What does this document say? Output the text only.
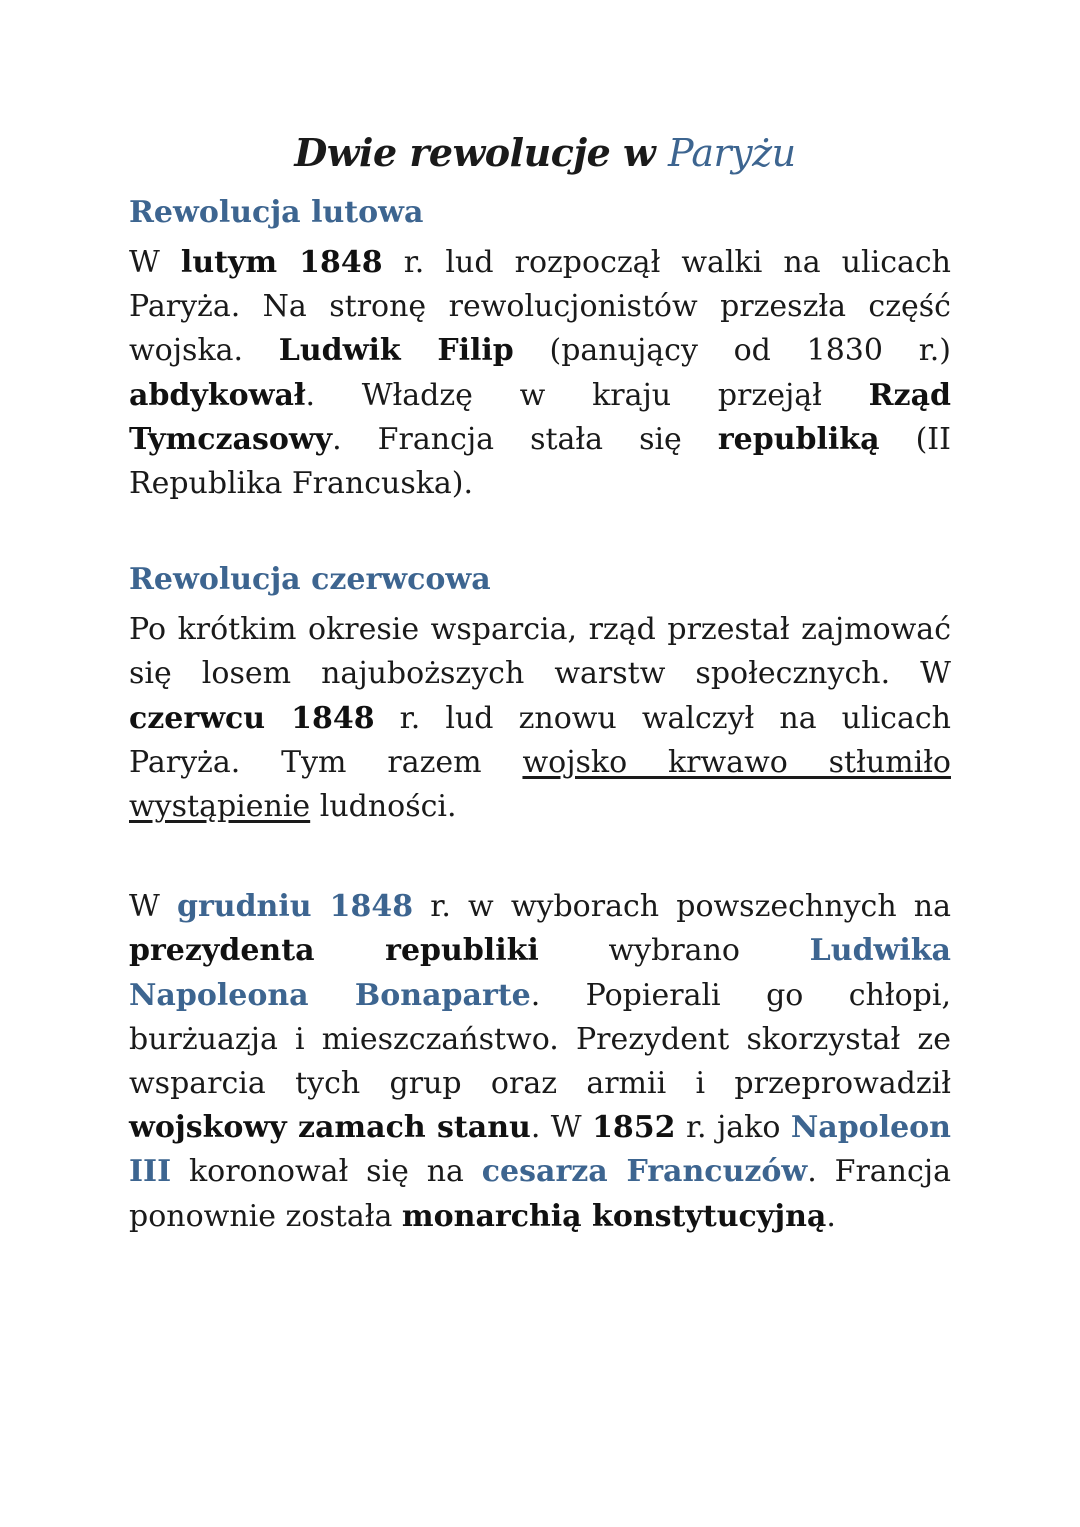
Dwie rewolucje w Paryżu
Rewolucja lutowa

W lutym 1848 r. lud rozpoczął walki na ulicach Paryża. Na stronę rewolucjonistów przeszła część wojska. Ludwik Filip (panujący od 1830 r.) abdykował. Władzę w kraju przejął Rząd Tymczasowy. Francja stała się republiką (II Republika Francuska).

Rewolucja czerwcowa

Po krótkim okresie wsparcia, rząd przestał zajmować się losem najuboższych warstw społecznych. W czerwcu 1848 r. lud znowu walczył na ulicach Paryża. Tym razem wojsko krwawo stłumiło wystąpienie ludności.

W grudniu 1848 r. w wyborach powszechnych na prezydenta republiki wybrano Ludwika Napoleona Bonaparte. Popierali go chłopi, burżuazja i mieszczaństwo. Prezydent skorzystał ze wsparcia tych grup oraz armii i przeprowadził wojskowy zamach stanu. W 1852 r. jako Napoleon III koronował się na cesarza Francuzów. Francja ponownie została monarchią konstytucyjną.
